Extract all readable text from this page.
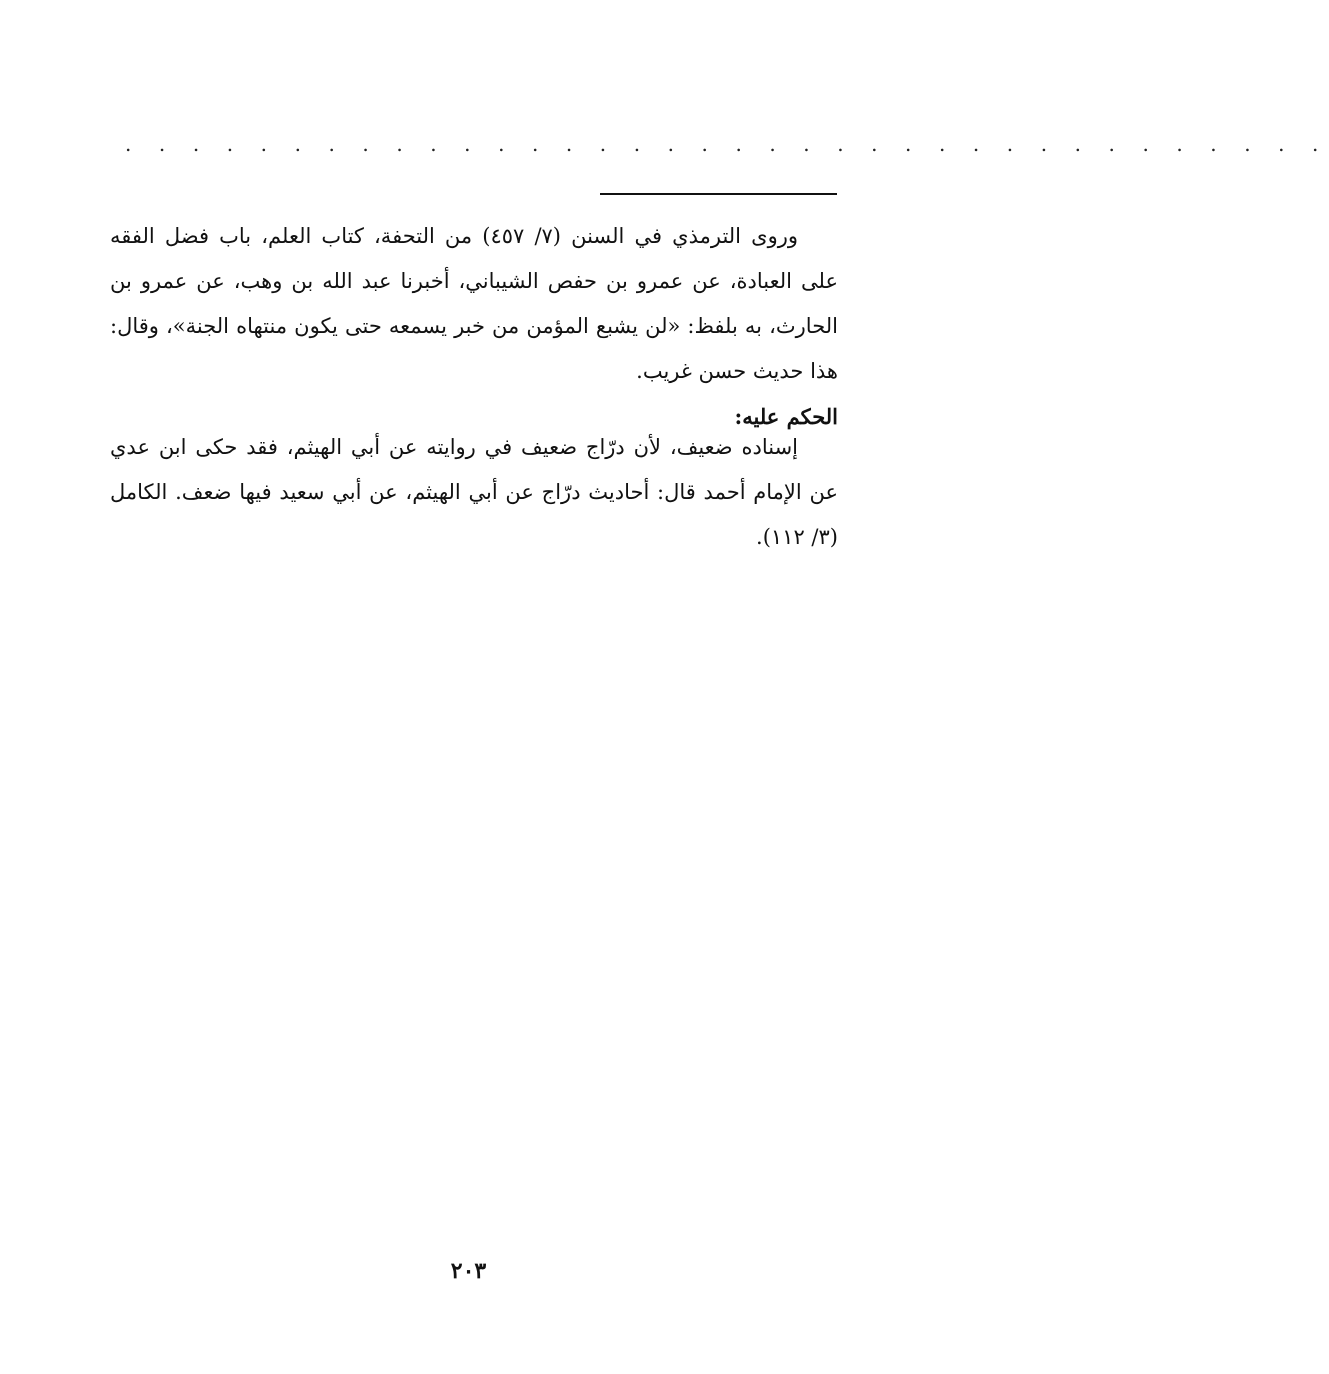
. . . . . . . . . . . . . . . . . . . . . . . . . . . . . . . . . . . .

وروى الترمذي في السنن (٧/ ٤٥٧) من التحفة، كتاب العلم، باب فضل الفقه على العبادة، عن عمرو بن حفص الشيباني، أخبرنا عبد الله بن وهب، عن عمرو بن الحارث، به بلفظ: «لن يشبع المؤمن من خبر يسمعه حتى يكون منتهاه الجنة»، وقال: هذا حديث حسن غريب.

الحكم عليه:

إسناده ضعيف، لأن درّاج ضعيف في روايته عن أبي الهيثم، فقد حكى ابن عدي عن الإمام أحمد قال: أحاديث درّاج عن أبي الهيثم، عن أبي سعيد فيها ضعف. الكامل (٣/ ١١٢).

٢٠٣
